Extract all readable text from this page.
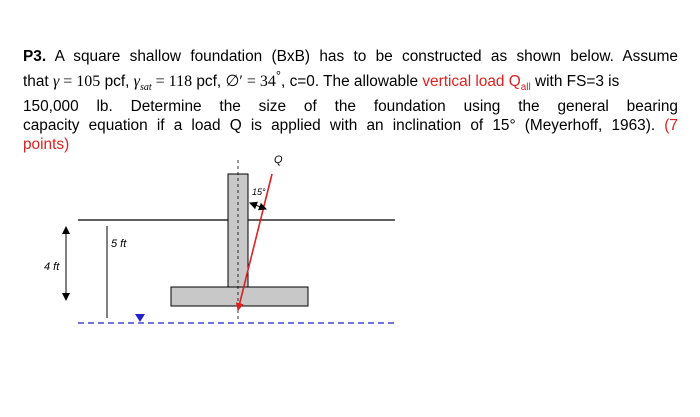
P3. A square shallow foundation (BxB) has to be constructed as shown below. Assume
that γ = 105 pcf, $\gamma_{sat} = 118$ pcf, ∅′ = 34°, c=0. The allowable vertical load $Q_{all}$ with FS=3 is
150,000 lb. Determine the size of the foundation using the general bearing
capacity equation if a load Q is applied with an inclination of 15° (Meyerhoff, 1963). (7
points)
Q
15°
5 ft
4 ft
